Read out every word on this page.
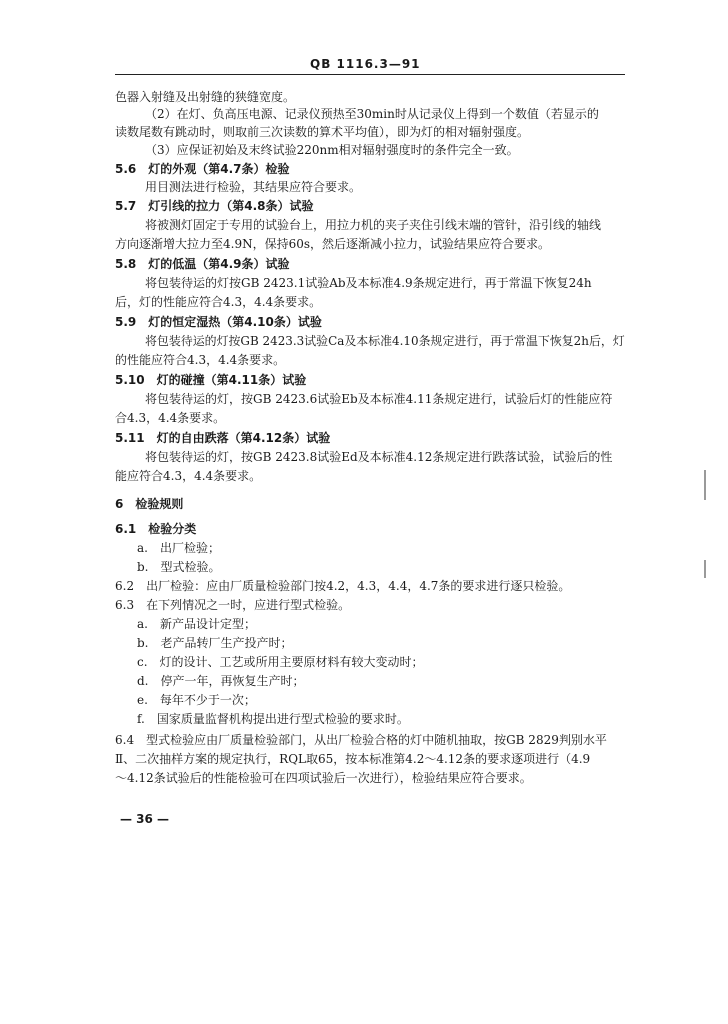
QB 1116.3—91
色器入射缝及出射缝的狭缝宽度。
（2）在灯、负高压电源、记录仪预热至30min时从记录仪上得到一个数值（若显示的
读数尾数有跳动时，则取前三次读数的算术平均值），即为灯的相对辐射强度。
（3）应保证初始及末终试验220nm相对辐射强度时的条件完全一致。
5.6　灯的外观（第4.7条）检验
用目测法进行检验，其结果应符合要求。
5.7　灯引线的拉力（第4.8条）试验
将被测灯固定于专用的试验台上，用拉力机的夹子夹住引线末端的管针，沿引线的轴线
方向逐渐增大拉力至4.9N，保持60s，然后逐渐减小拉力，试验结果应符合要求。
5.8　灯的低温（第4.9条）试验
将包装待运的灯按GB 2423.1试验Ab及本标准4.9条规定进行，再于常温下恢复24h
后，灯的性能应符合4.3，4.4条要求。
5.9　灯的恒定湿热（第4.10条）试验
将包装待运的灯按GB 2423.3试验Ca及本标准4.10条规定进行，再于常温下恢复2h后，灯
的性能应符合4.3，4.4条要求。
5.10　灯的碰撞（第4.11条）试验
将包装待运的灯，按GB 2423.6试验Eb及本标准4.11条规定进行，试验后灯的性能应符
合4.3，4.4条要求。
5.11　灯的自由跌落（第4.12条）试验
将包装待运的灯，按GB 2423.8试验Ed及本标准4.12条规定进行跌落试验，试验后的性
能应符合4.3，4.4条要求。
6　检验规则
6.1　检验分类
a.　出厂检验；
b.　型式检验。
6.2　出厂检验：应由厂质量检验部门按4.2，4.3，4.4，4.7条的要求进行逐只检验。
6.3　在下列情况之一时，应进行型式检验。
a.　新产品设计定型；
b.　老产品转厂生产投产时；
c.　灯的设计、工艺或所用主要原材料有较大变动时；
d.　停产一年，再恢复生产时；
e.　每年不少于一次；
f.　国家质量监督机构提出进行型式检验的要求时。
6.4　型式检验应由厂质量检验部门，从出厂检验合格的灯中随机抽取，按GB 2829判别水平
Ⅱ、二次抽样方案的规定执行，RQL取65，按本标准第4.2～4.12条的要求逐项进行（4.9
～4.12条试验后的性能检验可在四项试验后一次进行），检验结果应符合要求。
— 36 —
